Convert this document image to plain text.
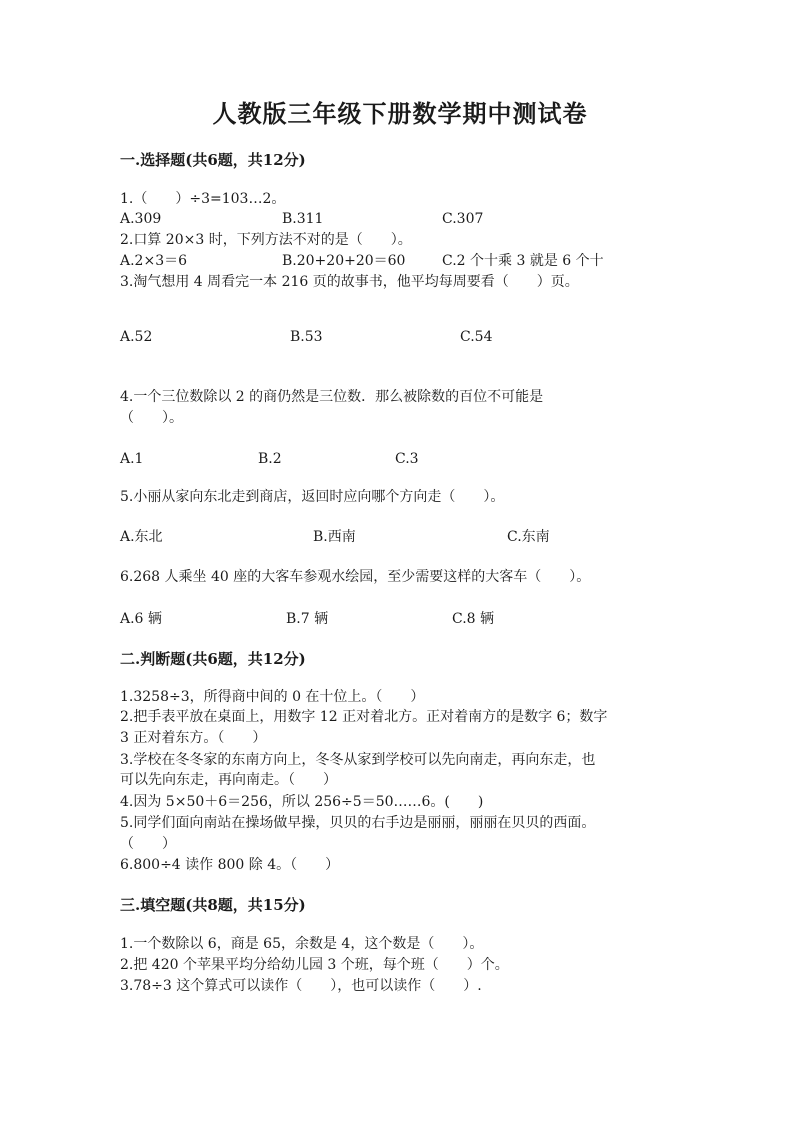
人教版三年级下册数学期中测试卷
一.选择题(共6题，共12分)
1.（　　）÷3=103…2。
A.309	B.311	C.307
2.口算 20×3 时，下列方法不对的是（　　）。
A.2×3＝6	B.20+20+20＝60	C.2 个十乘 3 就是 6 个十
3.淘气想用 4 周看完一本 216 页的故事书，他平均每周要看（　　）页。
A.52	B.53	C.54
4.一个三位数除以 2 的商仍然是三位数．那么被除数的百位不可能是
（　　）。
A.1	B.2	C.3
5.小丽从家向东北走到商店，返回时应向哪个方向走（　　）。
A.东北	B.西南	C.东南
6.268 人乘坐 40 座的大客车参观水绘园，至少需要这样的大客车（　　）。
A.6 辆	B.7 辆	C.8 辆
二.判断题(共6题，共12分)
1.3258÷3，所得商中间的 0 在十位上。（　　）
2.把手表平放在桌面上，用数字 12 正对着北方。正对着南方的是数字 6；数字
3 正对着东方。（　　）
3.学校在冬冬家的东南方向上，冬冬从家到学校可以先向南走，再向东走，也
可以先向东走，再向南走。（　　）
4.因为 5×50＋6＝256，所以 256÷5＝50……6。(　　)
5.同学们面向南站在操场做早操，贝贝的右手边是丽丽，丽丽在贝贝的西面。
（　　）
6.800÷4 读作 800 除 4。（　　）
三.填空题(共8题，共15分)
1.一个数除以 6，商是 65，余数是 4，这个数是（　　）。
2.把 420 个苹果平均分给幼儿园 3 个班，每个班（　　）个。
3.78÷3 这个算式可以读作（　　），也可以读作（　　）.
